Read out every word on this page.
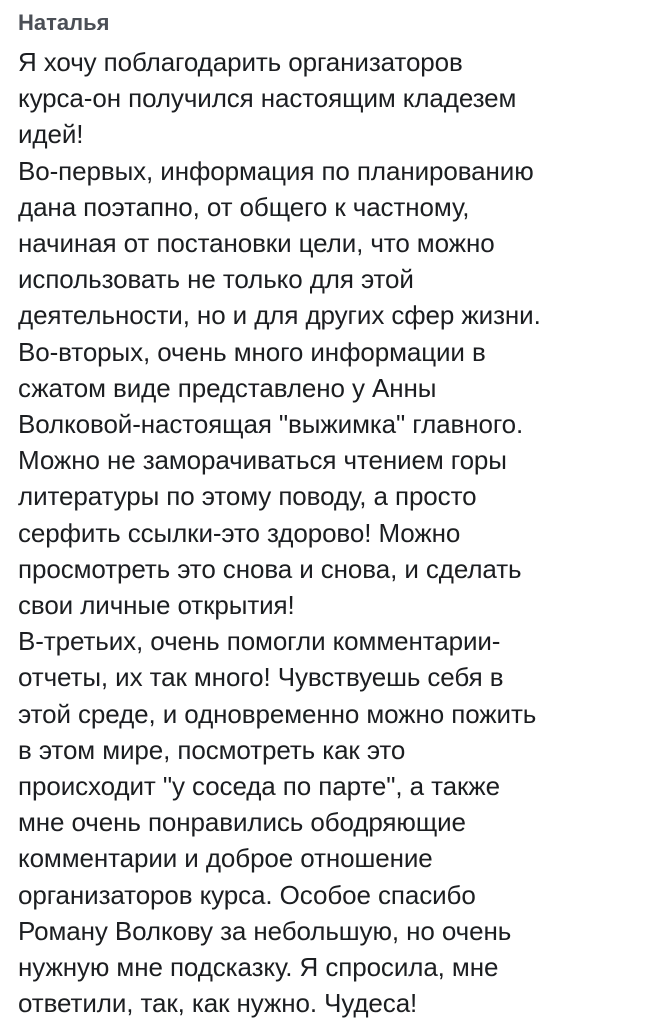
Наталья
Я хочу поблагодарить организаторов
курса-он получился настоящим кладезем
идей!
Во-первых, информация по планированию
дана поэтапно, от общего к частному,
начиная от постановки цели, что можно
использовать не только для этой
деятельности, но и для других сфер жизни.
Во-вторых, очень много информации в
сжатом виде представлено у Анны
Волковой-настоящая "выжимка" главного.
Можно не заморачиваться чтением горы
литературы по этому поводу, а просто
серфить ссылки-это здорово! Можно
просмотреть это снова и снова, и сделать
свои личные открытия!
В-третьих, очень помогли комментарии-
отчеты, их так много! Чувствуешь себя в
этой среде, и одновременно можно пожить
в этом мире, посмотреть как это
происходит "у соседа по парте", а также
мне очень понравились ободряющие
комментарии и доброе отношение
организаторов курса. Особое спасибо
Роману Волкову за небольшую, но очень
нужную мне подсказку. Я спросила, мне
ответили, так, как нужно. Чудеса!
